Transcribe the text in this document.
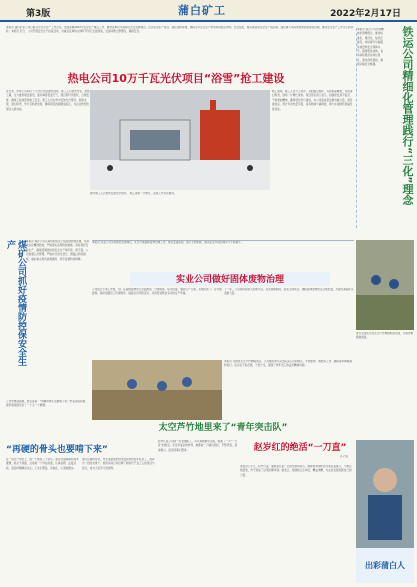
第3版	蒲白矿工	2022年2月17日
本报讯 蒲白矿业公司日前召开安全生产工作会议，全面部署2022年安全生产重点工作，要求各单位牢固树立安全发展理念，压实安全生产责任，强化现场管理，确保全年安全生产形势持续稳定向好。会议指出，要认真落实安全生产责任制，强化重大风险管控和隐患排查治理，推动安全生产工作迈上新台阶。本报讯 近日，公司开展安全生产检查活动，对重点区域和关键环节进行全面排查，发现问题立即整改，确保安全。
热电公司10万千瓦光伏项目“浴雪”抢工建设	铁运公司精细化管理践行“三化”理念
本报讯 铁运公司坚持精细化管理理念，推进标准化、规范化、信息化建设，持续提升运输服务质量和安全保障水平，取得明显成效。各车间积极落实岗位责任，强化现场管控，确保运输安全畅通。
连日来，热电公司10万千瓦光伏项目建设现场，施工人员冒雪作业，抢抓工期，全力推进项目建设。面对降雪低温天气，项目部科学组织，合理安排，确保工程质量和施工安全。施工人员在雪中安装光伏组件，搭建支架，清扫积雪，争分夺秒抢进度，确保项目按期建成投运，为企业转型发展注入新动能。
施工现场，施工人员分工协作，有的搬运组件，有的紧固螺栓，有的清扫积雪，现场一片繁忙景象。项目部负责人表示，将继续发扬不怕苦、不怕累的精神，确保项目早日建成，为公司高质量发展贡献力量。项目建成后，预计年发电量可观，将有效减少碳排放，助力实现绿色低碳发展目标。
图为施工人员冒雪安装光伏组件。 施工现场一片繁忙，各项工作有序推进。
煤矿公司抓好疫情防控保安全生产	本报讯 煤矿公司认真贯彻落实上级疫情防控部署，坚持常态化精准防控，严格落实各项防控措施，同时抓好安全生产，确保疫情防控和安全生产两手抓、两不误。公司加强人员管理，严格执行进出登记、测温扫码等措施，做好重点场所消毒通风，筑牢疫情防控屏障。
本报讯 实业公司坚持绿色发展理念，扎实开展固体废物治理工作，规范处置流程，建立长效机制，推动企业环境治理水平不断提升。
实业公司做好固体废物治理
公司成立专项工作组，对厂区固体废物进行全面排查，分类收集、集中处置，做到日产日清，有效改善了厂区环境面貌。同时加强员工环保教育，提高全员环保意识，共同营造整洁有序的生产环境。
下一步，公司将持续加大治理力度，完善管理制度，落实主体责任，确保固体废物依法合规处置，为建设美丽矿区贡献力量。
青年突击队员在太空芦竹种植地里忙碌，为春季种植做准备。
本报讯 为推进太空芦竹种植项目，公司组织青年突击队深入田间地头，开展整地、施肥等工作，确保春季种植顺利进行。队员们不怕苦累，干劲十足，展现了青年员工的良好精神风貌。
太空芦竹地里来了“青年突击队”
工作中遇到困难，他总是说：“再硬的骨头也要啃下来。”凭着这股韧劲，他带领班组攻克了一个又一个难题。
“再硬的骨头也要啃下来”
在一线生产岗位上，他一干就是二十余年。面对设备故障和技术难题，他从不退缩，总是第一个冲在前面，认真钻研，反复试验，直到问题解决为止。工友们都说，有他在，心里就踏实。
他还注重传帮带，毫无保留地把技术经验传授给年轻员工，培养出一批技术骨干。他用实际行动诠释了新时代产业工人的责任与担当，成为大家学习的榜样。
赵岁红是公司的一名普通职工，多年来她勤学苦练，练就了一手“一刀直”的绝活。无论多复杂的材料，她都能一刀裁切到位，平整笔直，误差极小，深受同事们赞誉。	赵岁红的绝活“一刀直”
◎ 石铃
谈起这门手艺，赵岁红说，靠的是日复一日的坚持和用心。她常常利用休息时间反复练习，不断总结经验，终于练成了这项过硬本领。她表示，将继续立足岗位，精益求精，为企业发展贡献自己的力量。
出彩蒲白人
